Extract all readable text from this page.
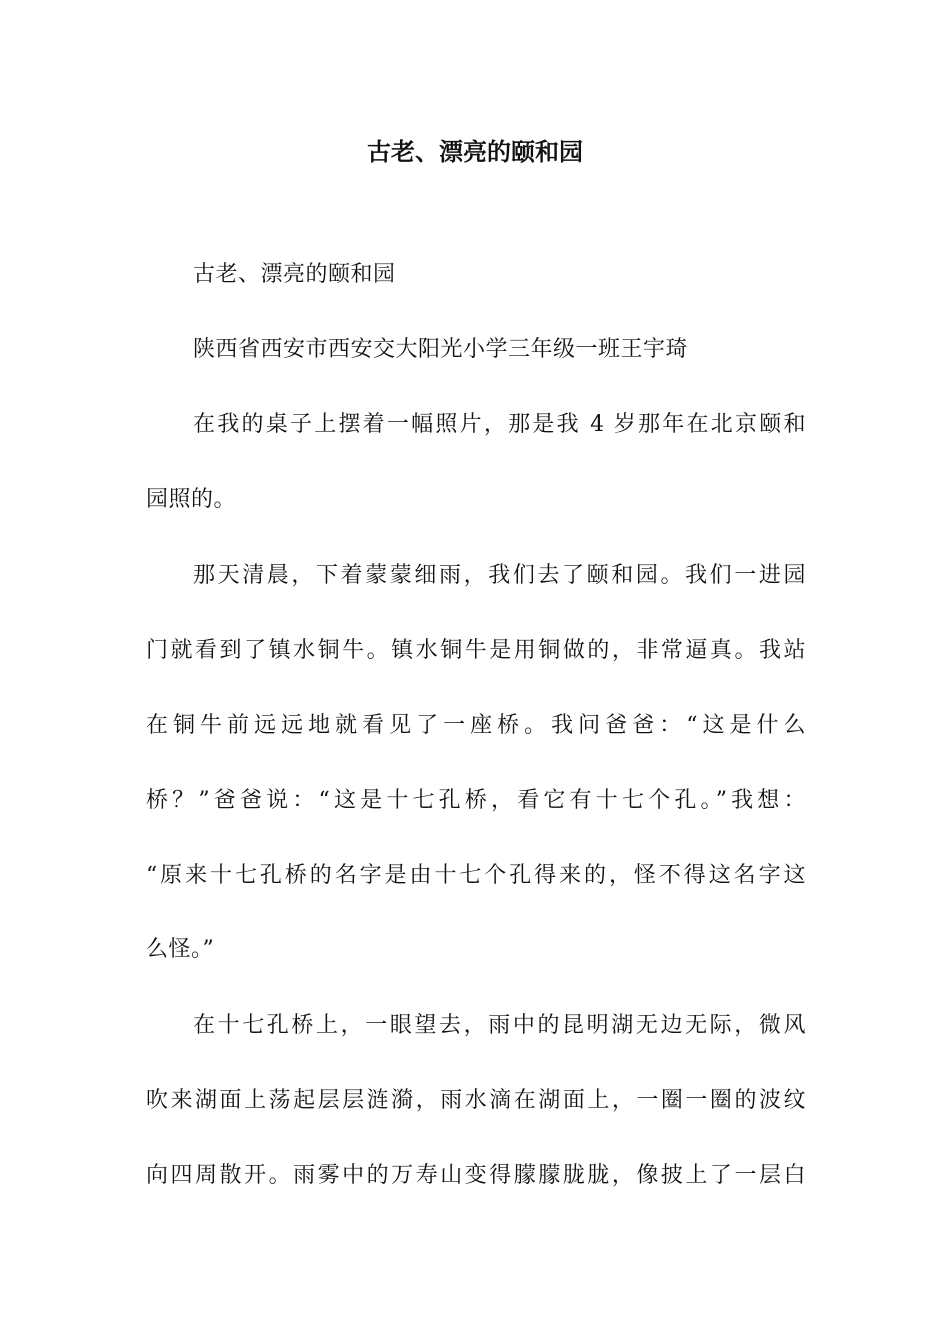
古老、漂亮的颐和园

古老、漂亮的颐和园

陕西省西安市西安交大阳光小学三年级一班王宇琦

在我的桌子上摆着一幅照片，那是我 4 岁那年在北京颐和

园照的。

那天清晨，下着蒙蒙细雨，我们去了颐和园。我们一进园

门就看到了镇水铜牛。镇水铜牛是用铜做的，非常逼真。我站

在铜牛前远远地就看见了一座桥。我问爸爸：“这是什么

桥？”爸爸说：“这是十七孔桥，看它有十七个孔。”我想：

“原来十七孔桥的名字是由十七个孔得来的，怪不得这名字这

么怪。”

在十七孔桥上，一眼望去，雨中的昆明湖无边无际，微风

吹来湖面上荡起层层涟漪，雨水滴在湖面上，一圈一圈的波纹

向四周散开。雨雾中的万寿山变得朦朦胧胧，像披上了一层白
